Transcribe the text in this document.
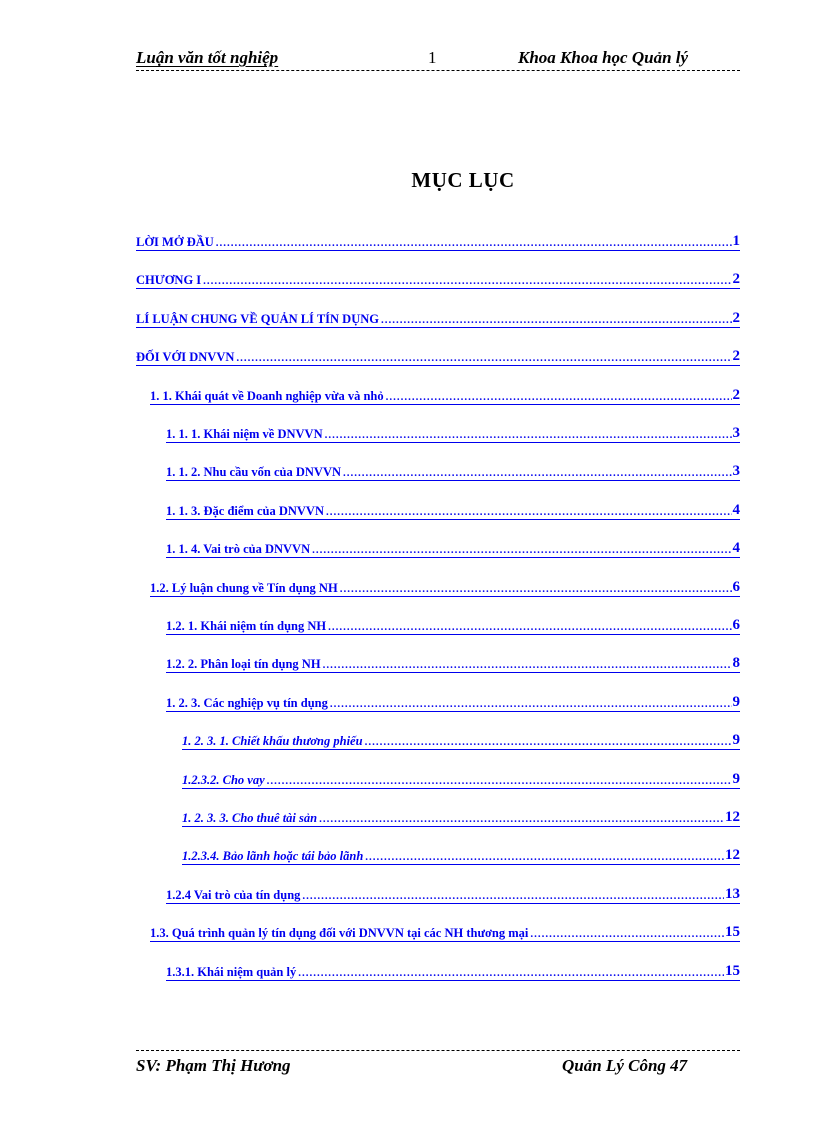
Luận văn tốt nghiệp	1	Khoa Khoa học Quản lý
MỤC LỤC
LỜI MỞ ĐẦU .....	1
CHƯƠNG I .....	2
LÍ LUẬN CHUNG VỀ QUẢN LÍ TÍN DỤNG .....	2
ĐỐI VỚI DNVVN .....	2
1. 1. Khái quát về Doanh nghiệp vừa và nhỏ .....	2
1. 1. 1. Khái niệm về DNVVN .....	3
1. 1. 2. Nhu cầu vốn của DNVVN .....	3
1. 1. 3. Đặc điểm của DNVVN .....	4
1. 1. 4. Vai trò của DNVVN .....	4
1.2. Lý luận chung về Tín dụng NH .....	6
1.2. 1. Khái niệm tín dụng NH .....	6
1.2. 2. Phân loại tín dụng NH .....	8
1. 2. 3. Các nghiệp vụ tín dụng .....	9
1. 2. 3. 1. Chiết khấu thương phiếu .....	9
1.2.3.2. Cho vay .....	9
1. 2. 3. 3. Cho thuê tài sản .....	12
1.2.3.4. Bảo lãnh hoặc tái bảo lãnh .....	12
1.2.4 Vai trò của tín dụng .....	13
1.3. Quá trình quản lý tín dụng đối với DNVVN tại các NH thương mại .....	15
1.3.1. Khái niệm quản lý .....	15
SV: Phạm Thị Hương	Quản Lý Công 47
